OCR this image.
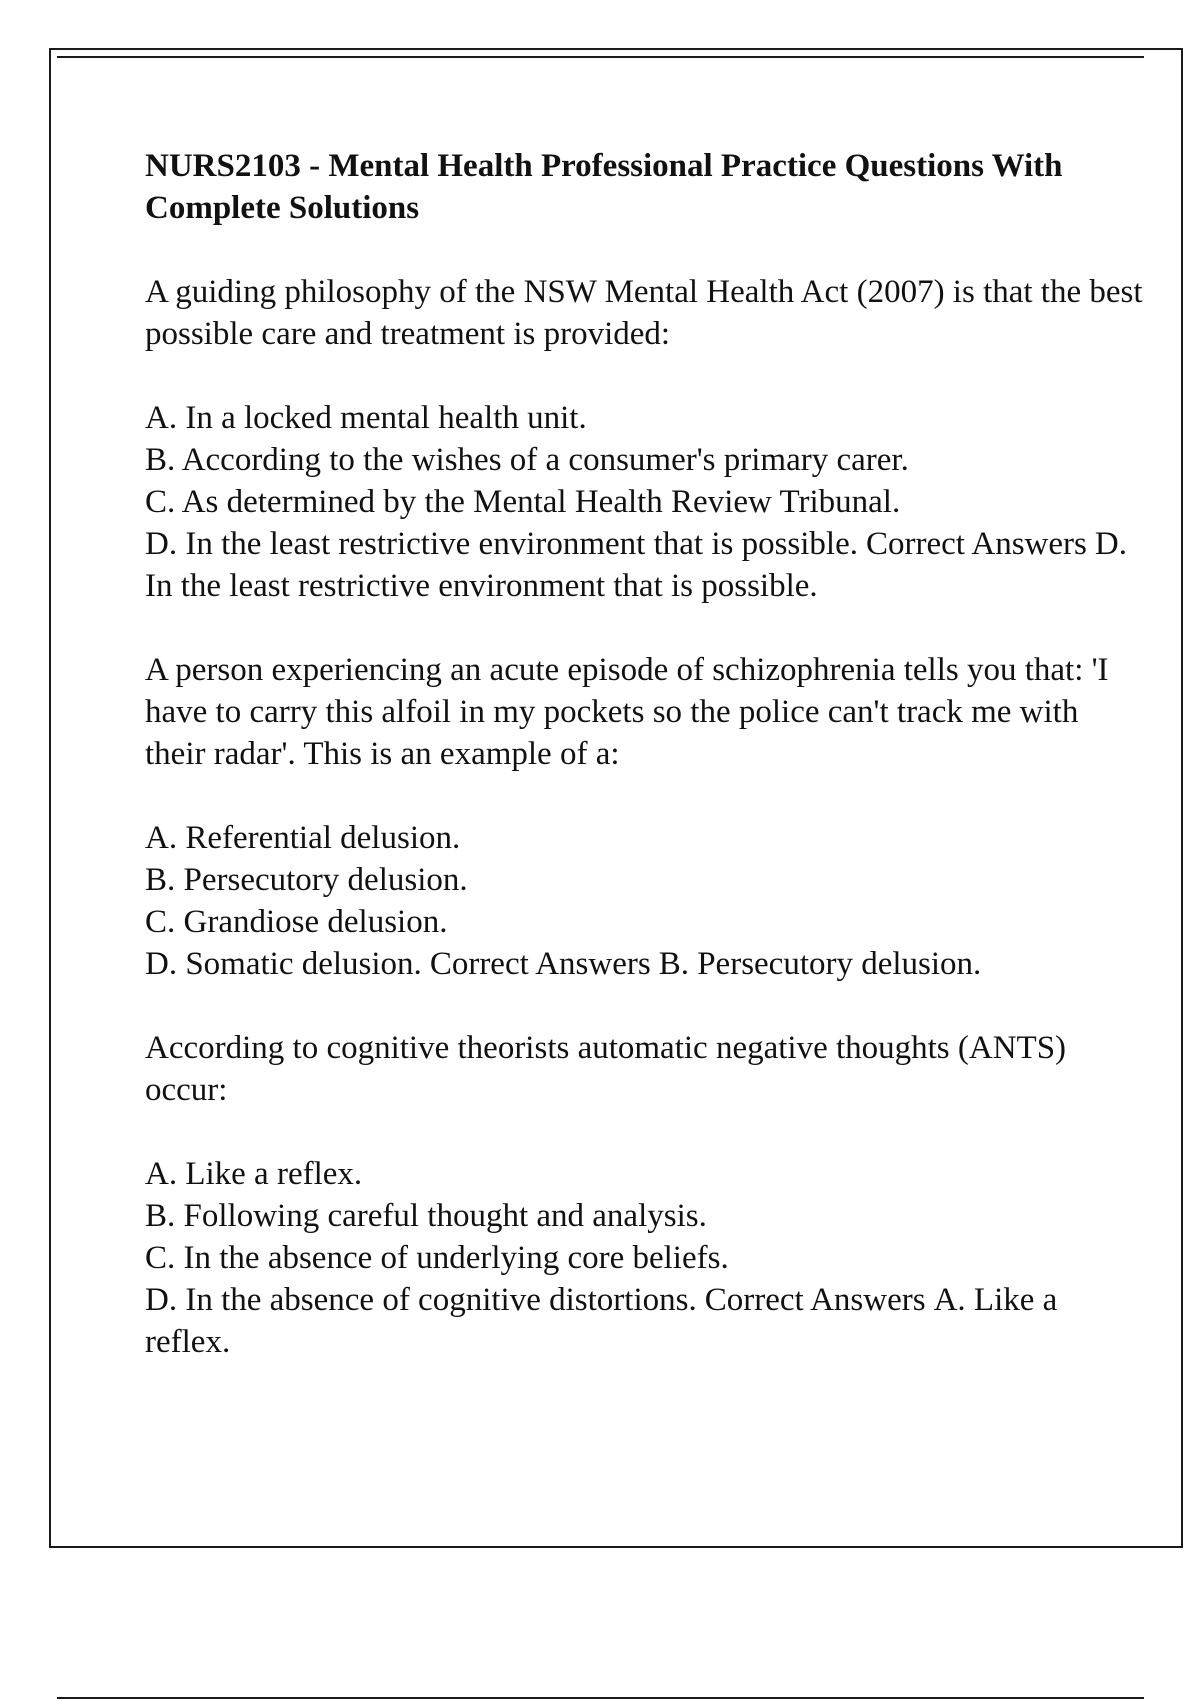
NURS2103 - Mental Health Professional Practice Questions With Complete Solutions
A guiding philosophy of the NSW Mental Health Act (2007) is that the best possible care and treatment is provided:
A. In a locked mental health unit.
B. According to the wishes of a consumer's primary carer.
C. As determined by the Mental Health Review Tribunal.
D. In the least restrictive environment that is possible. Correct Answers D. In the least restrictive environment that is possible.
A person experiencing an acute episode of schizophrenia tells you that: 'I have to carry this alfoil in my pockets so the police can't track me with their radar'. This is an example of a:
A. Referential delusion.
B. Persecutory delusion.
C. Grandiose delusion.
D. Somatic delusion. Correct Answers B. Persecutory delusion.
According to cognitive theorists automatic negative thoughts (ANTS) occur:
A. Like a reflex.
B. Following careful thought and analysis.
C. In the absence of underlying core beliefs.
D. In the absence of cognitive distortions. Correct Answers A. Like a reflex.
